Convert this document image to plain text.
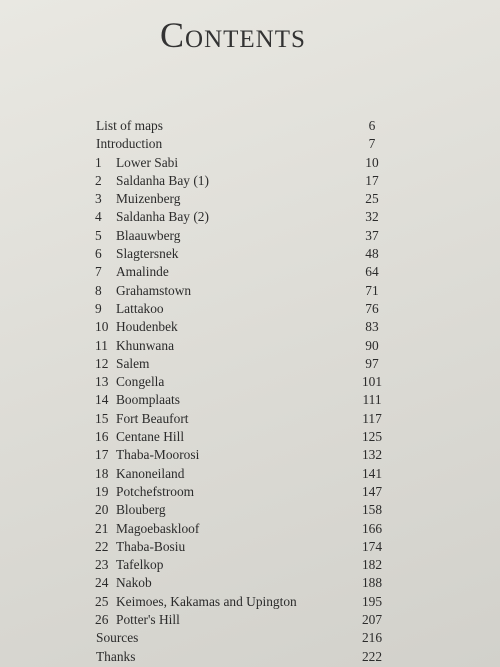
Contents
List of maps	6
Introduction	7
1	Lower Sabi	10
2	Saldanha Bay (1)	17
3	Muizenberg	25
4	Saldanha Bay (2)	32
5	Blaauwberg	37
6	Slagtersnek	48
7	Amalinde	64
8	Grahamstown	71
9	Lattakoo	76
10 Houdenbek	83
11 Khunwana	90
12 Salem	97
13 Congella	101
14 Boomplaats	111
15 Fort Beaufort	117
16 Centane Hill	125
17 Thaba-Moorosi	132
18 Kanoneiland	141
19 Potchefstroom	147
20 Blouberg	158
21 Magoebaskloof	166
22 Thaba-Bosiu	174
23 Tafelkop	182
24 Nakob	188
25 Keimoes, Kakamas and Upington	195
26 Potter's Hill	207
Sources	216
Thanks	222
